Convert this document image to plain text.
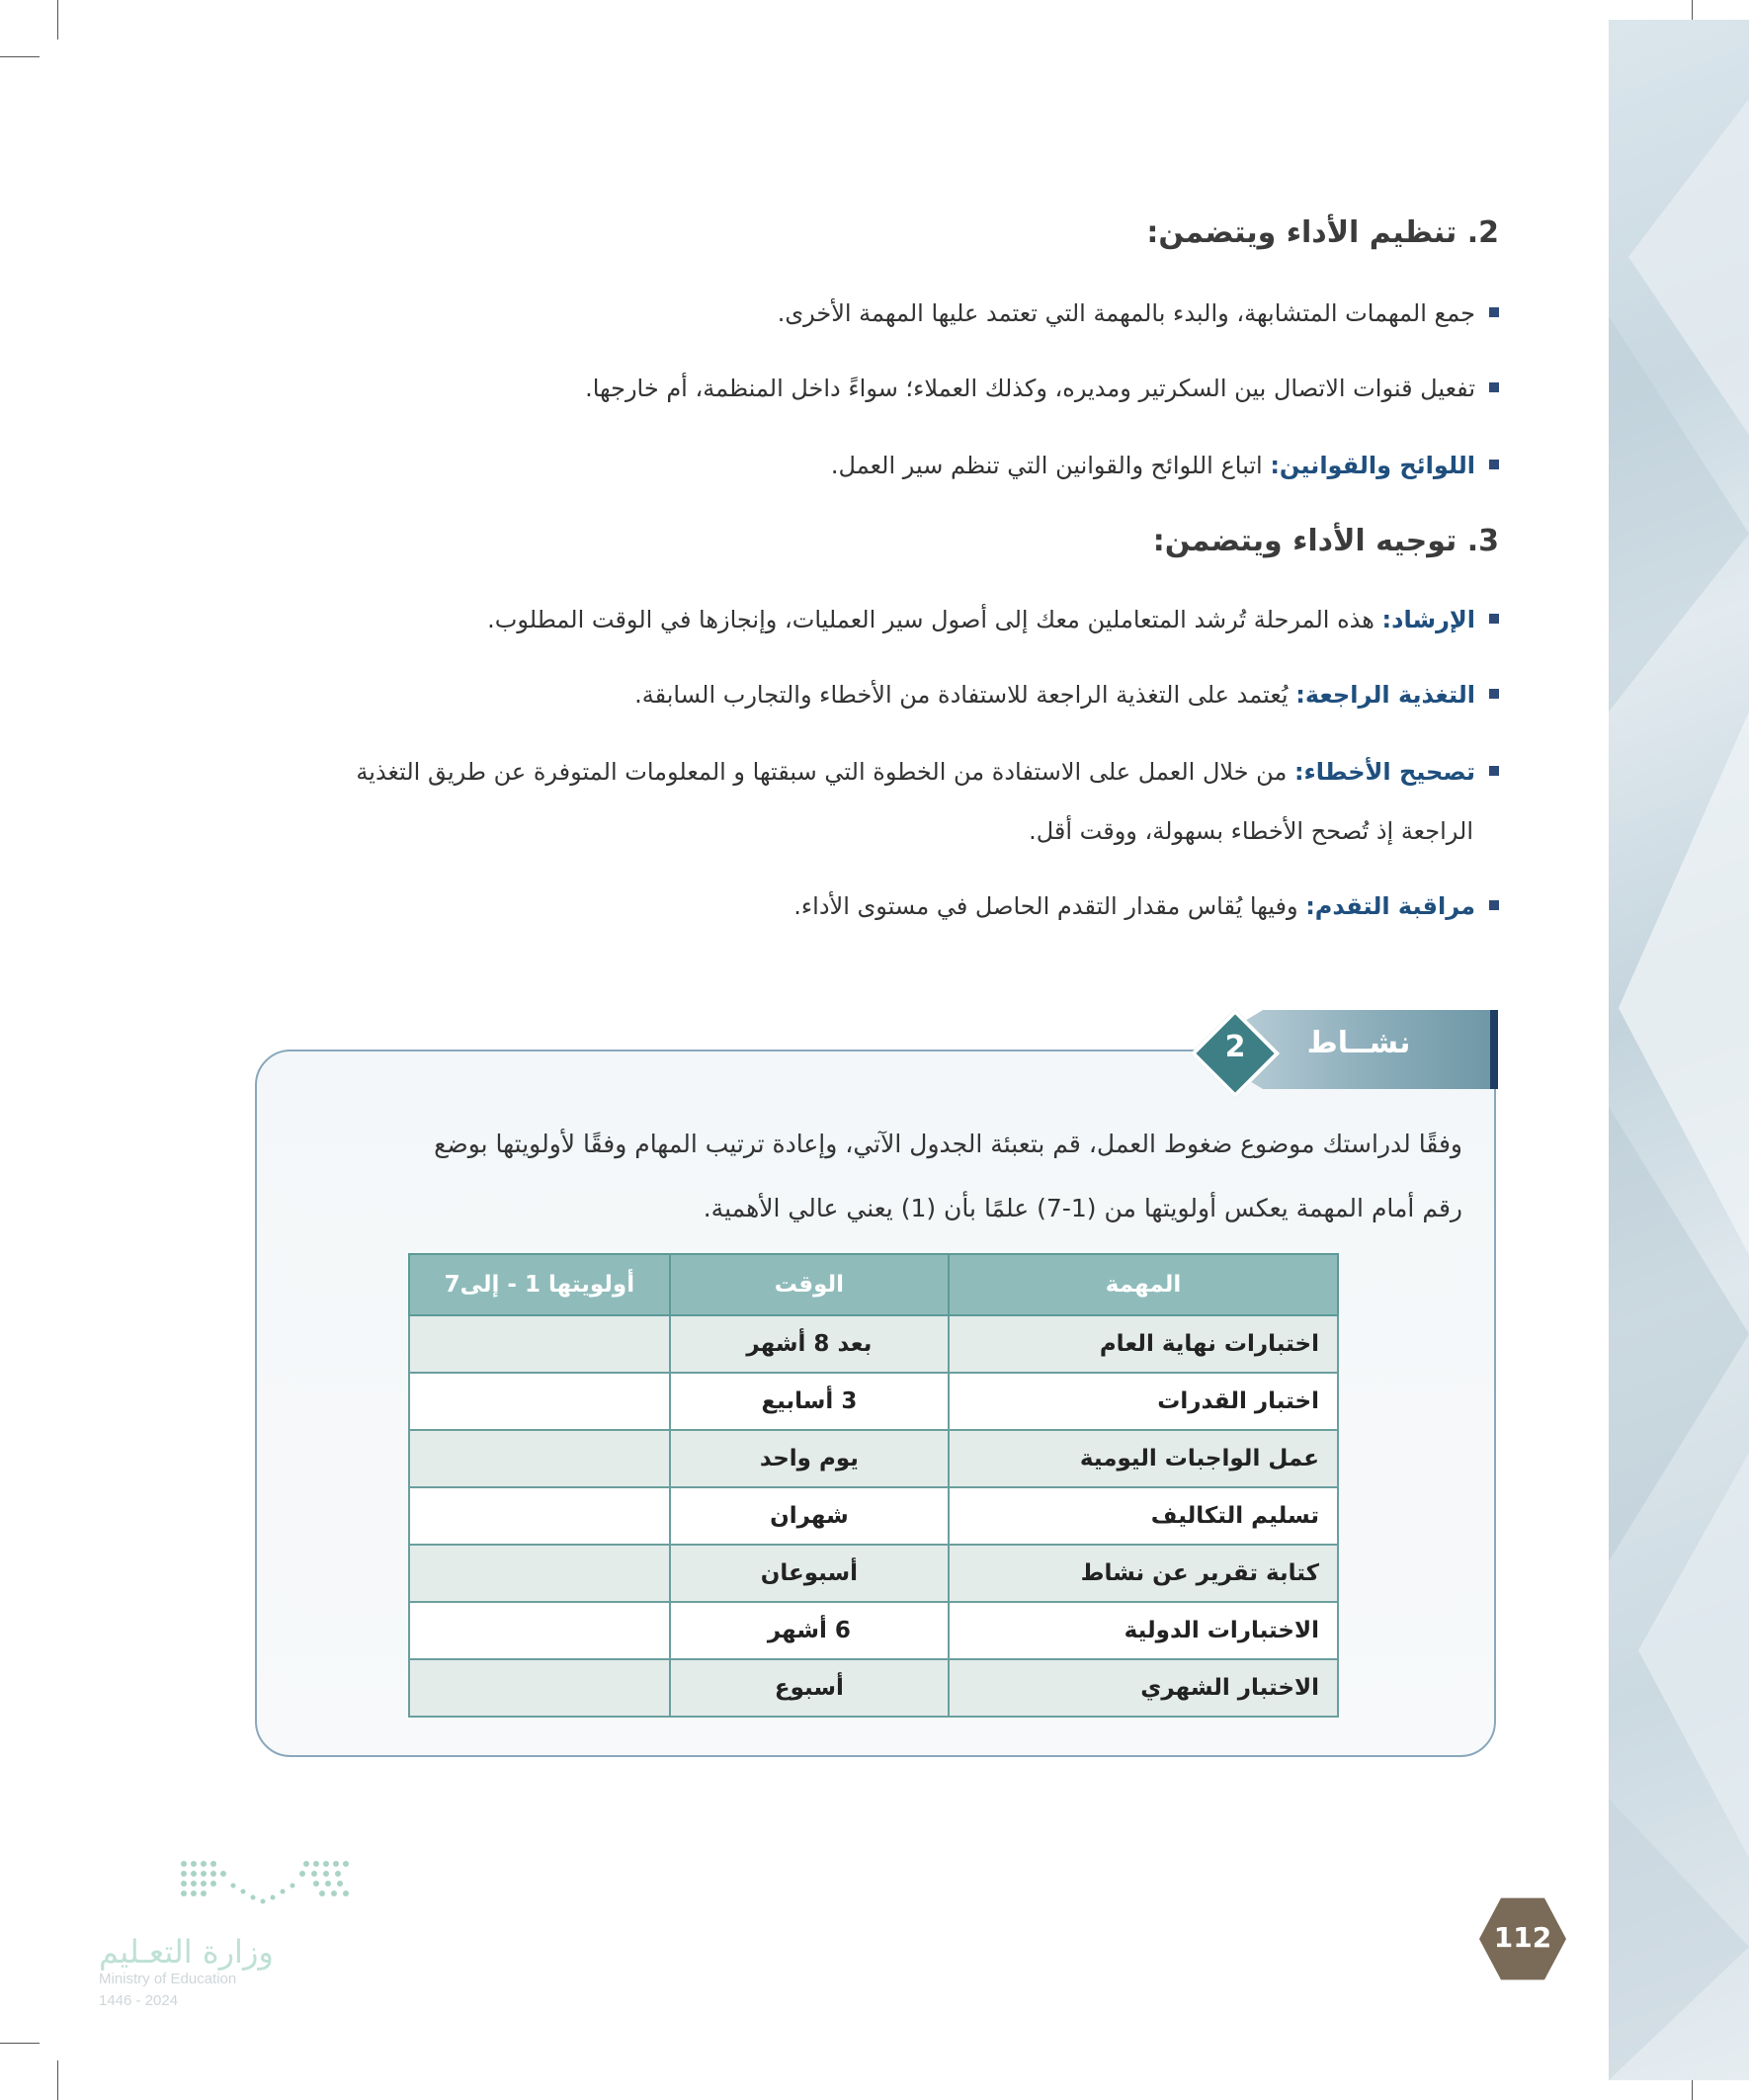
2. تنظيم الأداء ويتضمن:
جمع المهمات المتشابهة، والبدء بالمهمة التي تعتمد عليها المهمة الأخرى.
تفعيل قنوات الاتصال بين السكرتير ومديره، وكذلك العملاء؛ سواءً داخل المنظمة، أم خارجها.
اللوائح والقوانين: اتباع اللوائح والقوانين التي تنظم سير العمل.
3. توجيه الأداء ويتضمن:
الإرشاد: هذه المرحلة تُرشد المتعاملين معك إلى أصول سير العمليات، وإنجازها في الوقت المطلوب.
التغذية الراجعة: يُعتمد على التغذية الراجعة للاستفادة من الأخطاء والتجارب السابقة.
تصحيح الأخطاء: من خلال العمل على الاستفادة من الخطوة التي سبقتها و المعلومات المتوفرة عن طريق التغذية
الراجعة إذ تُصحح الأخطاء بسهولة، ووقت أقل.
مراقبة التقدم: وفيها يُقاس مقدار التقدم الحاصل في مستوى الأداء.
نشــاط
2
وفقًا لدراستك موضوع ضغوط العمل، قم بتعبئة الجدول الآتي، وإعادة ترتيب المهام وفقًا لأولويتها بوضع
رقم أمام المهمة يعكس أولويتها من (1-7) علمًا بأن (1) يعني عالي الأهمية.
المهمة	الوقت	أولويتها 1 - إلى7
اختبارات نهاية العام	بعد 8 أشهر	
اختبار القدرات	3 أسابيع	
عمل الواجبات اليومية	يوم واحد	
تسليم التكاليف	شهران	
كتابة تقرير عن نشاط	أسبوعان	
الاختبارات الدولية	6 أشهر	
الاختبار الشهري	أسبوع	
وزارة التعـليم
Ministry of Education
2024 - 1446
112
